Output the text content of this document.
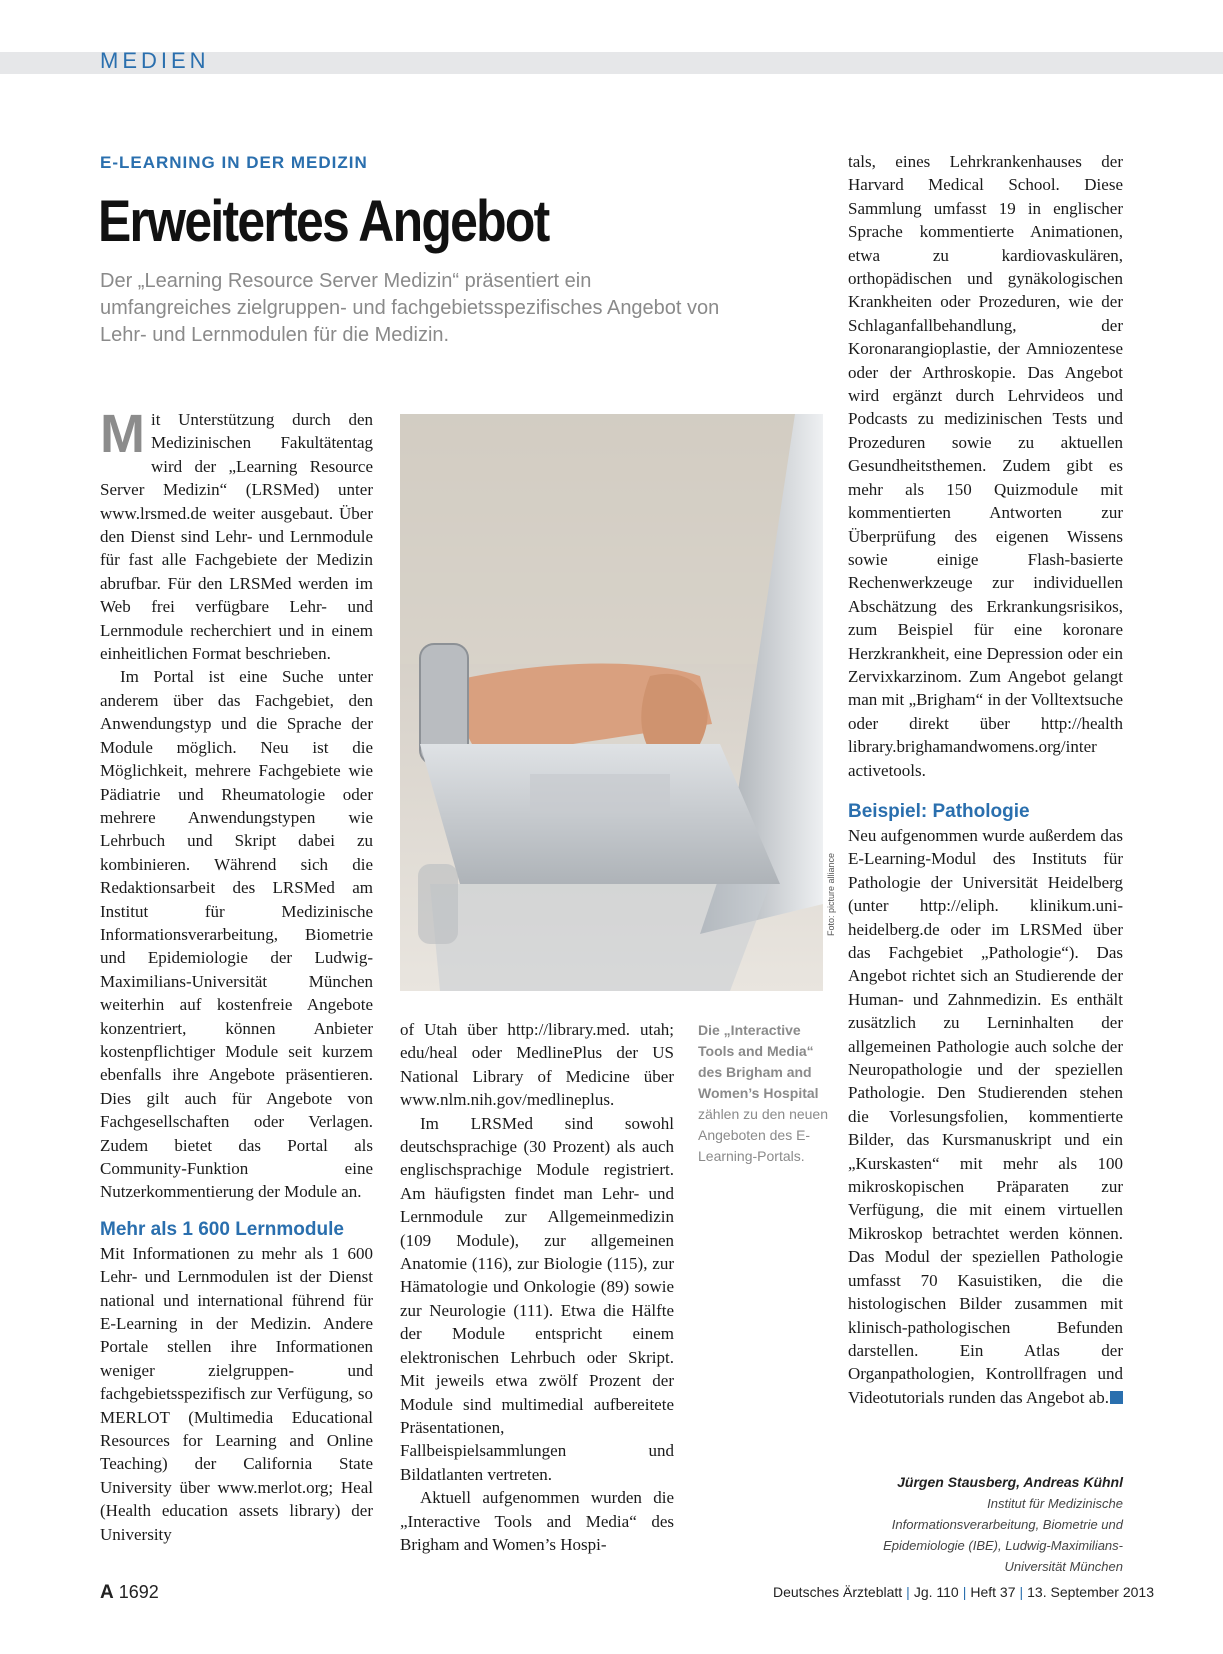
MEDIEN
E-LEARNING IN DER MEDIZIN
Erweitertes Angebot
Der „Learning Resource Server Medizin“ präsentiert ein umfangreiches zielgruppen- und fachgebietsspezifisches Angebot von Lehr- und Lernmodulen für die Medizin.

Mit Unterstützung durch den Medizinischen Fakultätentag wird der „Learning Resource Server Medizin“ (LRSMed) unter www.lrsmed.de weiter ausgebaut. Über den Dienst sind Lehr- und Lernmodule für fast alle Fachgebiete der Medizin abrufbar. Für den LRSMed werden im Web frei verfügbare Lehr- und Lernmodule recherchiert und in einem einheitlichen Format beschrieben.

Im Portal ist eine Suche unter anderem über das Fachgebiet, den Anwendungstyp und die Sprache der Module möglich. Neu ist die Möglichkeit, mehrere Fachgebiete wie Pädiatrie und Rheumatologie oder mehrere Anwendungstypen wie Lehrbuch und Skript dabei zu kombinieren. Während sich die Redaktionsarbeit des LRSMed am Institut für Medizinische Informationsverarbeitung, Biometrie und Epidemiologie der Ludwig-Maximilians-Universität München weiterhin auf kostenfreie Angebote konzentriert, können Anbieter kostenpflichtiger Module seit kurzem ebenfalls ihre Angebote präsentieren. Dies gilt auch für Angebote von Fachgesellschaften oder Verlagen. Zudem bietet das Portal als Community-Funktion eine Nutzerkommentierung der Module an.

Mehr als 1 600 Lernmodule

Mit Informationen zu mehr als 1 600 Lehr- und Lernmodulen ist der Dienst national und international führend für E-Learning in der Medizin. Andere Portale stellen ihre Informationen weniger zielgruppen- und fachgebietsspezifisch zur Verfügung, so MERLOT (Multimedia Educational Resources for Learning and Online Teaching) der California State University über www.merlot.org; Heal (Health education assets library) der University

Foto: picture alliance

of Utah über http://library.med. utah; edu/heal oder MedlinePlus der US National Library of Medicine über www.nlm.nih.gov/medlineplus.

Im LRSMed sind sowohl deutschsprachige (30 Prozent) als auch englischsprachige Module registriert. Am häufigsten findet man Lehr- und Lernmodule zur Allgemeinmedizin (109 Module), zur allgemeinen Anatomie (116), zur Biologie (115), zur Hämatologie und Onkologie (89) sowie zur Neurologie (111). Etwa die Hälfte der Module entspricht einem elektronischen Lehrbuch oder Skript. Mit jeweils etwa zwölf Prozent der Module sind multimedial aufbereitete Präsentationen, Fallbeispielsammlungen und Bildatlanten vertreten.

Aktuell aufgenommen wurden die „Interactive Tools and Media“ des Brigham and Women’s Hospi-

Die „Interactive Tools and Media“ des Brigham and Women’s Hospital zählen zu den neuen Angeboten des E-Learning-Portals.

tals, eines Lehrkrankenhauses der Harvard Medical School. Diese Sammlung umfasst 19 in englischer Sprache kommentierte Animationen, etwa zu kardiovaskulären, orthopädischen und gynäkologischen Krankheiten oder Prozeduren, wie der Schlaganfallbehandlung, der Koronarangioplastie, der Amniozentese oder der Arthroskopie. Das Angebot wird ergänzt durch Lehrvideos und Podcasts zu medizinischen Tests und Prozeduren sowie zu aktuellen Gesundheitsthemen. Zudem gibt es mehr als 150 Quizmodule mit kommentierten Antworten zur Überprüfung des eigenen Wissens sowie einige Flash-basierte Rechenwerkzeuge zur individuellen Abschätzung des Erkrankungsrisikos, zum Beispiel für eine koronare Herzkrankheit, eine Depression oder ein Zervixkarzinom. Zum Angebot gelangt man mit „Brigham“ in der Volltextsuche oder direkt über http://health library.brighamandwomens.org/inter activetools.

Beispiel: Pathologie

Neu aufgenommen wurde außerdem das E-Learning-Modul des Instituts für Pathologie der Universität Heidelberg (unter http://eliph. klinikum.uni-heidelberg.de oder im LRSMed über das Fachgebiet „Pathologie“). Das Angebot richtet sich an Studierende der Human- und Zahnmedizin. Es enthält zusätzlich zu Lerninhalten der allgemeinen Pathologie auch solche der Neuropathologie und der speziellen Pathologie. Den Studierenden stehen die Vorlesungsfolien, kommentierte Bilder, das Kursmanuskript und ein „Kurskasten“ mit mehr als 100 mikroskopischen Präparaten zur Verfügung, die mit einem virtuellen Mikroskop betrachtet werden können. Das Modul der speziellen Pathologie umfasst 70 Kasuistiken, die die histologischen Bilder zusammen mit klinisch-pathologischen Befunden darstellen. Ein Atlas der Organpathologien, Kontrollfragen und Videotutorials runden das Angebot ab.

Jürgen Stausberg, Andreas Kühnl
Institut für Medizinische Informationsverarbeitung, Biometrie und Epidemiologie (IBE), Ludwig-Maximilians-Universität München
A 1692	Deutsches Ärzteblatt | Jg. 110 | Heft 37 | 13. September 2013
